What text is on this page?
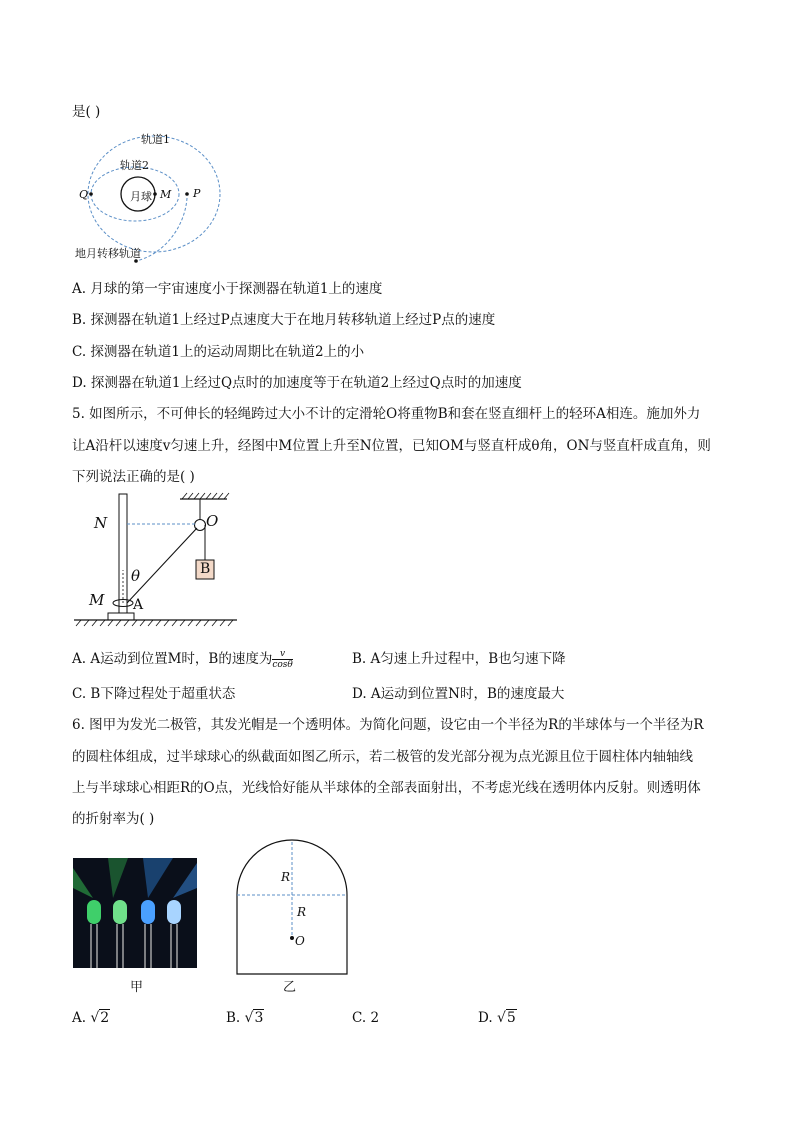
是( )
轨道1
轨道2
月球 M P
Q
地月转移轨道
A. 月球的第一宇宙速度小于探测器在轨道1上的速度
B. 探测器在轨道1上经过P点速度大于在地月转移轨道上经过P点的速度
C. 探测器在轨道1上的运动周期比在轨道2上的小
D. 探测器在轨道1上经过Q点时的加速度等于在轨道2上经过Q点时的加速度
5. 如图所示，不可伸长的轻绳跨过大小不计的定滑轮O将重物B和套在竖直细杆上的轻环A相连。施加外力
让A沿杆以速度v匀速上升，经图中M位置上升至N位置，已知OM与竖直杆成θ角，ON与竖直杆成直角，则
下列说法正确的是( )
N	O
B
θ
M A
A. A运动到位置M时，B的速度为 $\frac{v}{\cos\theta}$	B. A匀速上升过程中，B也匀速下降
C. B下降过程处于超重状态	D. A运动到位置N时，B的速度最大
6. 图甲为发光二极管，其发光帽是一个透明体。为简化问题，设它由一个半径为R的半球体与一个半径为R
的圆柱体组成，过半球球心的纵截面如图乙所示，若二极管的发光部分视为点光源且位于圆柱体内轴轴线
上与半球球心相距R的O点，光线恰好能从半球体的全部表面射出，不考虑光线在透明体内反射。则透明体
的折射率为( )
甲
R
R
O
乙
A. √2	B. √3	C. 2	D. √5
